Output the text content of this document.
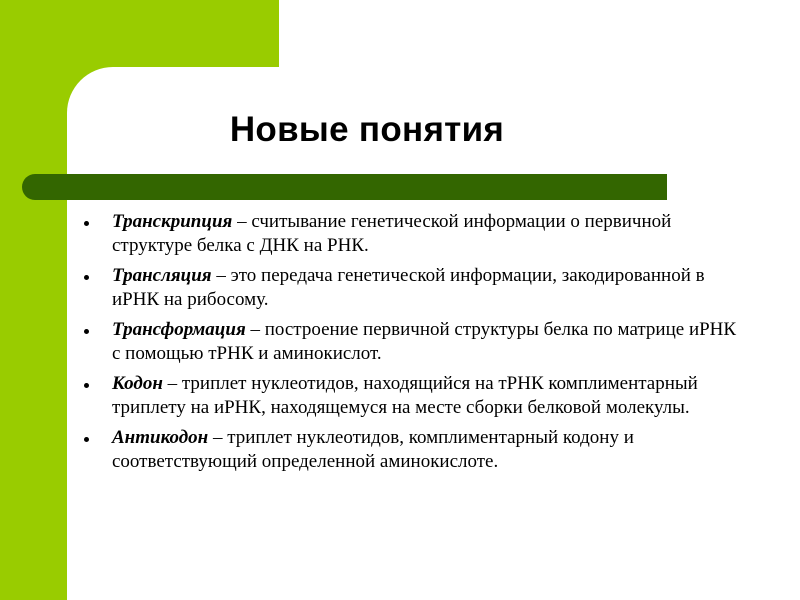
Новые понятия
Транскрипция – считывание генетической информации о первичной структуре белка с ДНК на РНК.
Трансляция – это передача генетической информации, закодированной в иРНК на рибосому.
Трансформация – построение первичной структуры белка по матрице иРНК с помощью тРНК и аминокислот.
Кодон – триплет нуклеотидов, находящийся на тРНК комплиментарный триплету на иРНК, находящемуся на месте сборки белковой молекулы.
Антикодон – триплет нуклеотидов, комплиментарный кодону и соответствующий определенной аминокислоте.
